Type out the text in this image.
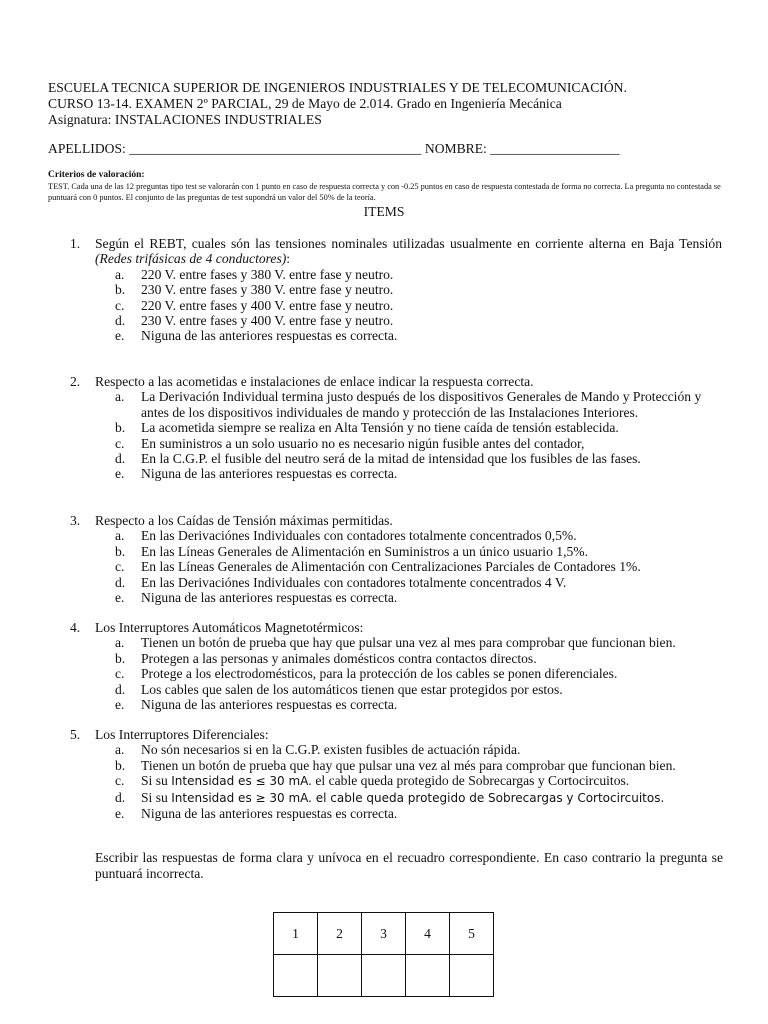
ESCUELA TECNICA SUPERIOR DE INGENIEROS INDUSTRIALES Y DE TELECOMUNICACIÓN.
CURSO 13-14. EXAMEN 2º PARCIAL, 29 de Mayo de 2.014. Grado en Ingeniería Mecánica
Asignatura: INSTALACIONES INDUSTRIALES
APELLIDOS: ___________________________________________ NOMBRE: ___________________
Criterios de valoración:
TEST. Cada una de las 12 preguntas tipo test se valorarán con 1 punto en caso de respuesta correcta y con -0.25 puntos en caso de respuesta contestada de forma no correcta. La pregunta no contestada se puntuará con 0 puntos. El conjunto de las preguntas de test supondrá un valor del 50% de la teoría.
ITEMS
1. Según el REBT, cuales són las tensiones nominales utilizadas usualmente en corriente alterna en Baja Tensión (Redes trifásicas de 4 conductores):
a. 220 V. entre fases y 380 V. entre fase y neutro.
b. 230 V. entre fases y 380 V. entre fase y neutro.
c. 220 V. entre fases y 400 V. entre fase y neutro.
d. 230 V. entre fases y 400 V. entre fase y neutro.
e. Niguna de las anteriores respuestas es correcta.
2. Respecto a las acometidas e instalaciones de enlace indicar la respuesta correcta.
a. La Derivación Individual termina justo después de los dispositivos Generales de Mando y Protección y antes de los dispositivos individuales de mando y protección de las Instalaciones Interiores.
b. La acometida siempre se realiza en Alta Tensión y no tiene caída de tensión establecida.
c. En suministros a un solo usuario no es necesario nigún fusible antes del contador,
d. En la C.G.P. el fusible del neutro será de la mitad de intensidad que los fusibles de las fases.
e. Niguna de las anteriores respuestas es correcta.
3. Respecto a los Caídas de Tensión máximas permitidas.
a. En las Derivaciónes Individuales con contadores totalmente concentrados 0,5%.
b. En las Líneas Generales de Alimentación en Suministros a un único usuario 1,5%.
c. En las Líneas Generales de Alimentación con Centralizaciones Parciales de Contadores 1%.
d. En las Derivaciónes Individuales con contadores totalmente concentrados 4 V.
e. Niguna de las anteriores respuestas es correcta.
4. Los Interruptores Automáticos Magnetotérmicos:
a. Tienen un botón de prueba que hay que pulsar una vez al mes para comprobar que funcionan bien.
b. Protegen a las personas y animales domésticos contra contactos directos.
c. Protege a los electrodomésticos, para la protección de los cables se ponen diferenciales.
d. Los cables que salen de los automáticos tienen que estar protegidos por estos.
e. Niguna de las anteriores respuestas es correcta.
5. Los Interruptores Diferenciales:
a. No són necesarios si en la C.G.P. existen fusibles de actuación rápida.
b. Tienen un botón de prueba que hay que pulsar una vez al més para comprobar que funcionan bien.
c. Si su Intensidad es ≤ 30 mA. el cable queda protegido de Sobrecargas y Cortocircuitos.
d. Si su Intensidad es ≥ 30 mA. el cable queda protegido de Sobrecargas y Cortocircuitos.
e. Niguna de las anteriores respuestas es correcta.
Escribir las respuestas de forma clara y unívoca en el recuadro correspondiente. En caso contrario la pregunta se puntuará incorrecta.
1	2	3	4	5
